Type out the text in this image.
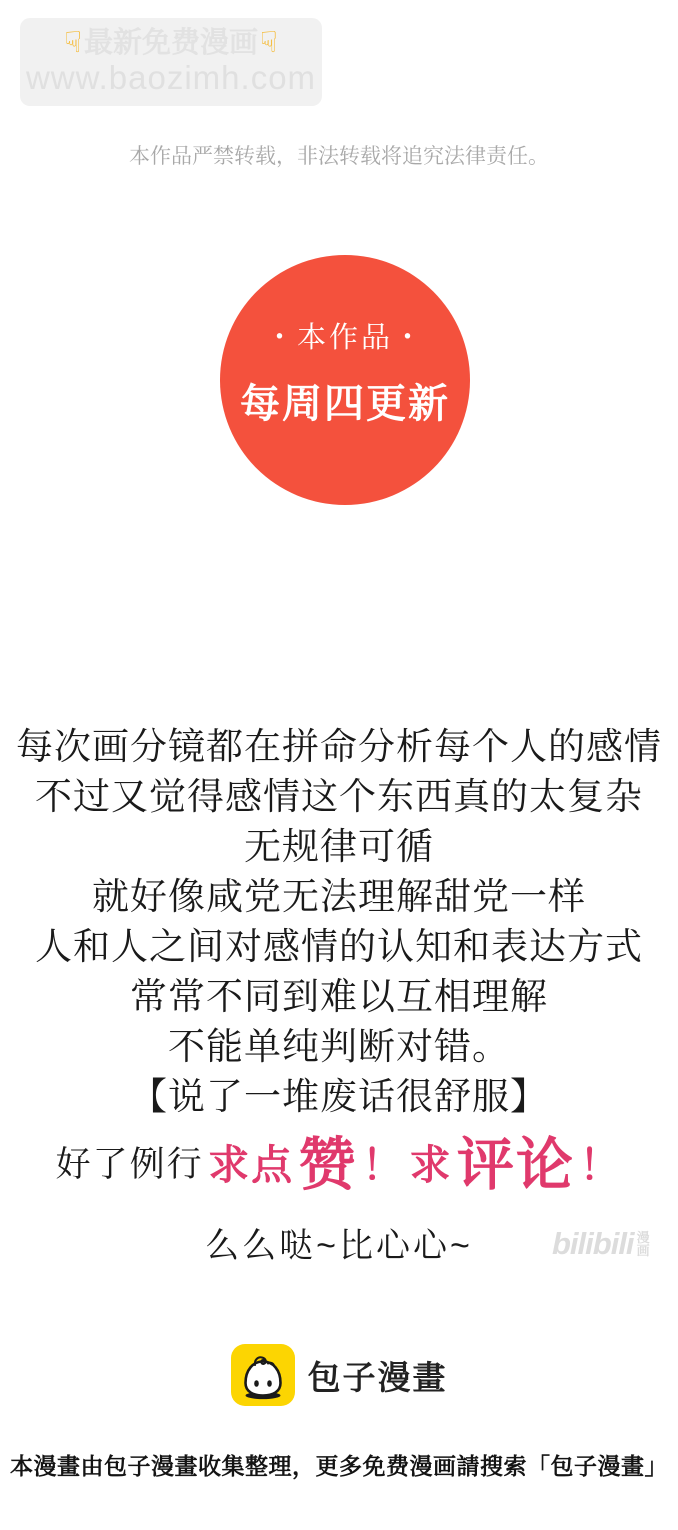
☟ 最新免费漫画 ☟
www.baozimh.com
本作品严禁转载，非法转载将追究法律责任。
・本作品・
每周四更新
每次画分镜都在拼命分析每个人的感情
不过又觉得感情这个东西真的太复杂
无规律可循
就好像咸党无法理解甜党一样
人和人之间对感情的认知和表达方式
常常不同到难以互相理解
不能单纯判断对错。
【说了一堆废话很舒服】
好了例行 求点 赞 ！ 求 评论 ！
么么哒~比心心~	bilibili 漫
画
包子漫畫
本漫畫由包子漫畫收集整理，更多免费漫画請搜索「包子漫畫」
